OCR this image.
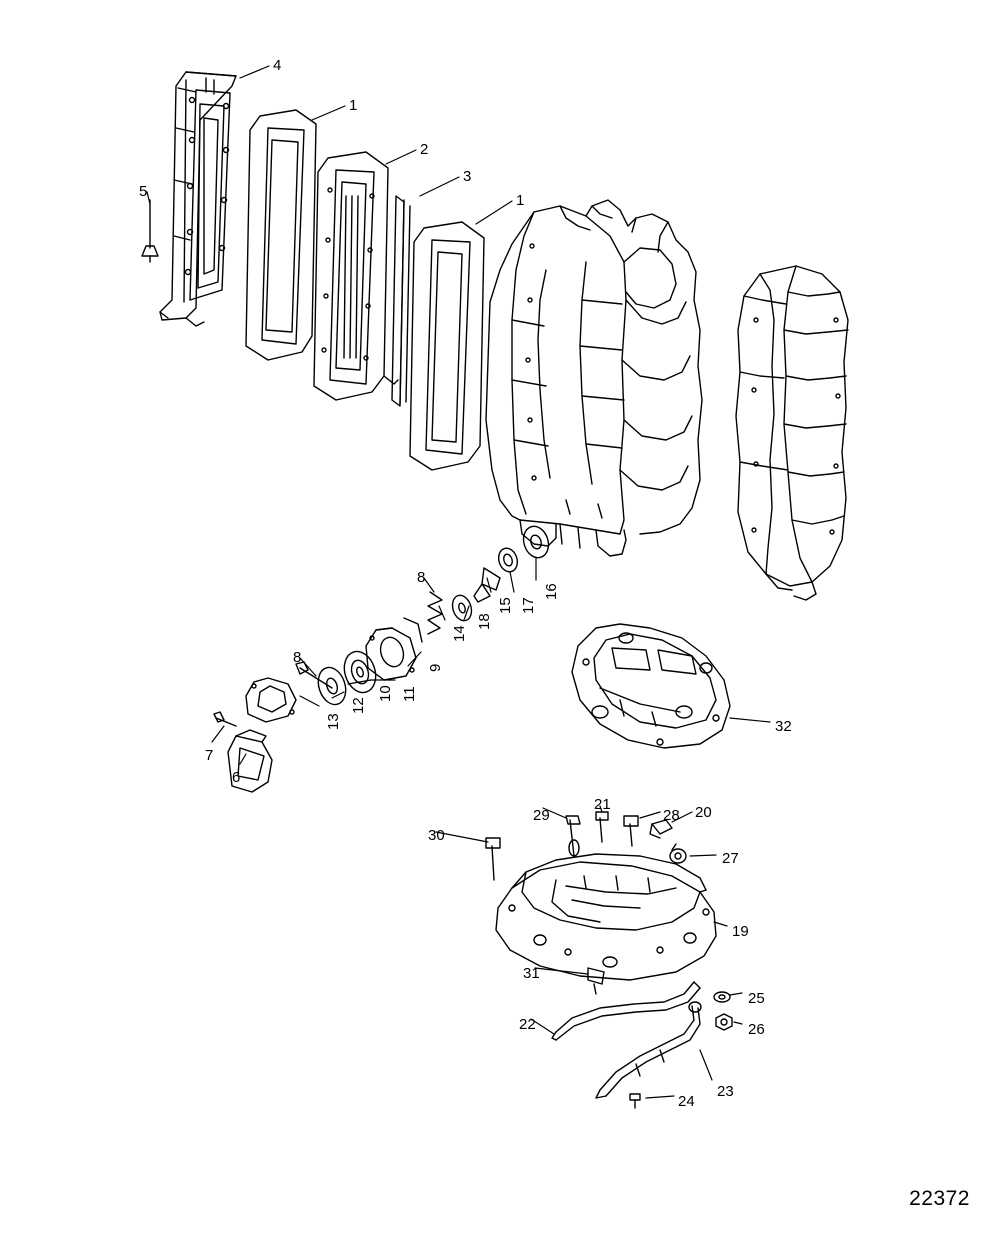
4
1
2
3
1
5
16
17
15
8
18
14
9
8
11
10
12
13
7
6
32
29
21
28 20
30
27
19
31
25
26
22
23
24
22372
